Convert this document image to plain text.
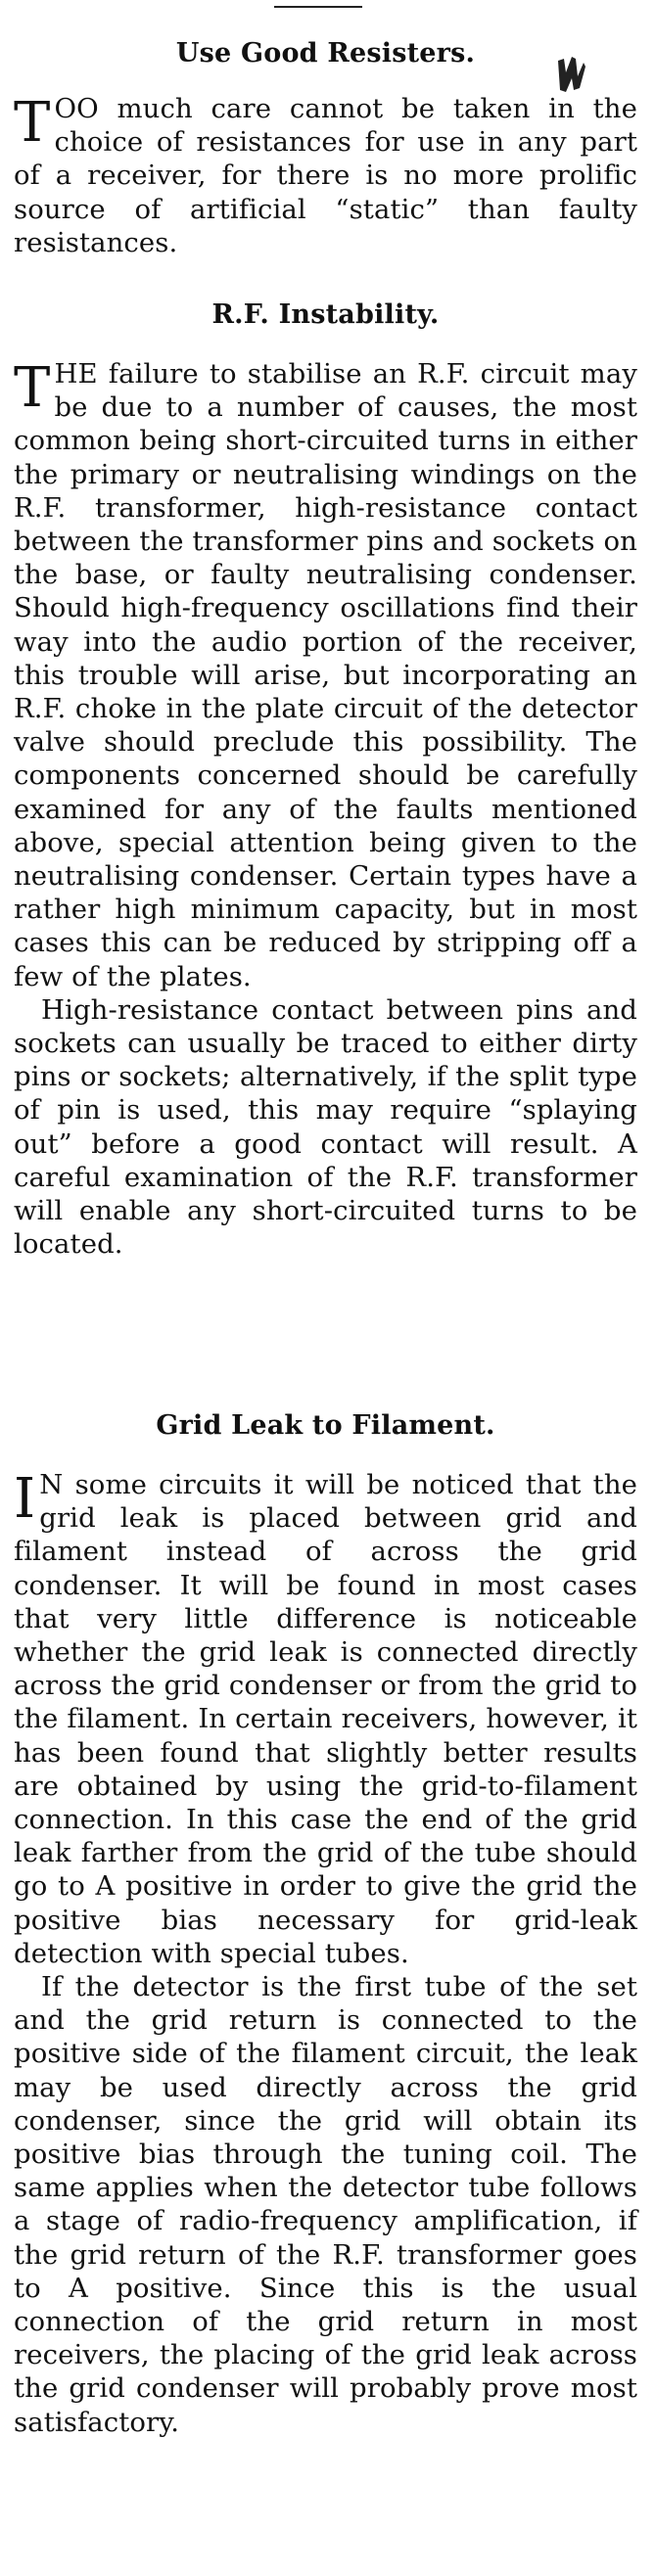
Use Good Resisters.

TOO much care cannot be taken in the choice of resistances for use in any part of a receiver, for there is no more prolific source of artificial “static” than faulty resistances.

R.F. Instability.

THE failure to stabilise an R.F. circuit may be due to a number of causes, the most common being short-circuited turns in either the primary or neutralising windings on the R.F. transformer, high-resistance contact between the transformer pins and sockets on the base, or faulty neutralising condenser. Should high-frequency oscillations find their way into the audio portion of the receiver, this trouble will arise, but incorporating an R.F. choke in the plate circuit of the detector valve should preclude this possibility. The components concerned should be carefully examined for any of the faults mentioned above, special attention being given to the neutralising condenser. Certain types have a rather high minimum capacity, but in most cases this can be reduced by stripping off a few of the plates.

High-resistance contact between pins and sockets can usually be traced to either dirty pins or sockets; alternatively, if the split type of pin is used, this may require “splaying out” before a good contact will result. A careful examination of the R.F. transformer will enable any short-circuited turns to be located.

Grid Leak to Filament.

I N some circuits it will be noticed that the grid leak is placed between grid and filament instead of across the grid condenser. It will be found in most cases that very little difference is noticeable whether the grid leak is connected directly across the grid condenser or from the grid to the filament. In certain receivers, however, it has been found that slightly better results are obtained by using the grid-to-filament connection. In this case the end of the grid leak farther from the grid of the tube should go to A positive in order to give the grid the positive bias necessary for grid-leak detection with special tubes.

If the detector is the first tube of the set and the grid return is connected to the positive side of the filament circuit, the leak may be used directly across the grid condenser, since the grid will obtain its positive bias through the tuning coil. The same applies when the detector tube follows a stage of radio-frequency amplification, if the grid return of the R.F. transformer goes to A positive. Since this is the usual connection of the grid return in most receivers, the placing of the grid leak across the grid condenser will probably prove most satisfactory.
